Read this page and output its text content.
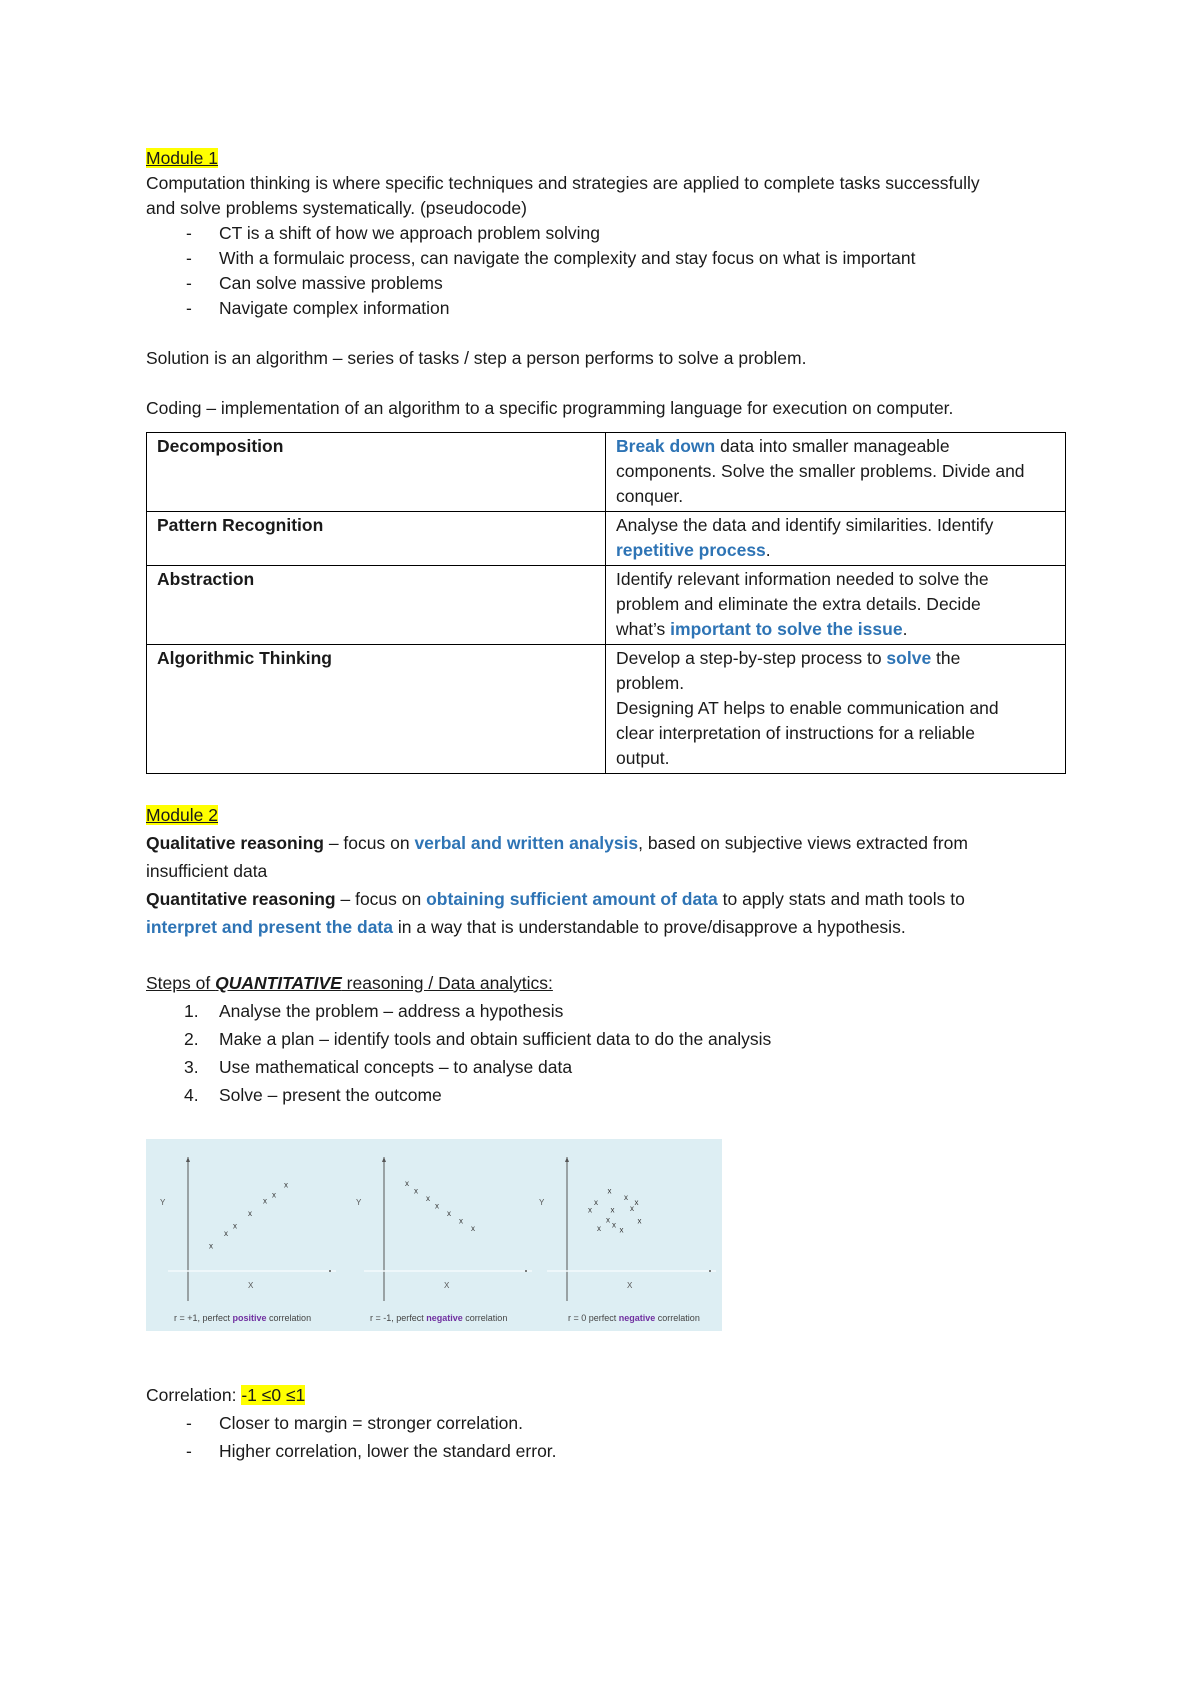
Module 1

Computation thinking is where specific techniques and strategies are applied to complete tasks successfully

and solve problems systematically. (pseudocode)

- CT is a shift of how we approach problem solving
- With a formulaic process, can navigate the complexity and stay focus on what is important
- Can solve massive problems
- Navigate complex information

Solution is an algorithm – series of tasks / step a person performs to solve a problem.

Coding – implementation of an algorithm to a specific programming language for execution on computer.

Decomposition	Break down data into smaller manageable
components. Solve the smaller problems. Divide and
conquer.
Pattern Recognition	Analyse the data and identify similarities. Identify
repetitive process.
Abstraction	Identify relevant information needed to solve the
problem and eliminate the extra details. Decide
what’s important to solve the issue.
Algorithmic Thinking	Develop a step-by-step process to solve the
problem.
Designing AT helps to enable communication and
clear interpretation of instructions for a reliable
output.

Module 2

Qualitative reasoning – focus on verbal and written analysis, based on subjective views extracted from

insufficient data

Quantitative reasoning – focus on obtaining sufficient amount of data to apply stats and math tools to

interpret and present the data in a way that is understandable to prove/disapprove a hypothesis.

Steps of QUANTITATIVE reasoning / Data analytics:

1. Analyse the problem – address a hypothesis
2. Make a plan – identify tools and obtain sufficient data to do the analysis
3. Use mathematical concepts – to analyse data
4. Solve – present the outcome
Y
X
x
x
x
x
x
x
x
r = +1, perfect positive correlation
Y
X
x
x
x
x
x
x
x
r = -1, perfect negative correlation
Y
X
x
x
x
x
x
x
x
x
x
x
x
x
r = 0 perfect negative correlation

Correlation: -1 ≤0 ≤1

- Closer to margin = stronger correlation.
- Higher correlation, lower the standard error.
